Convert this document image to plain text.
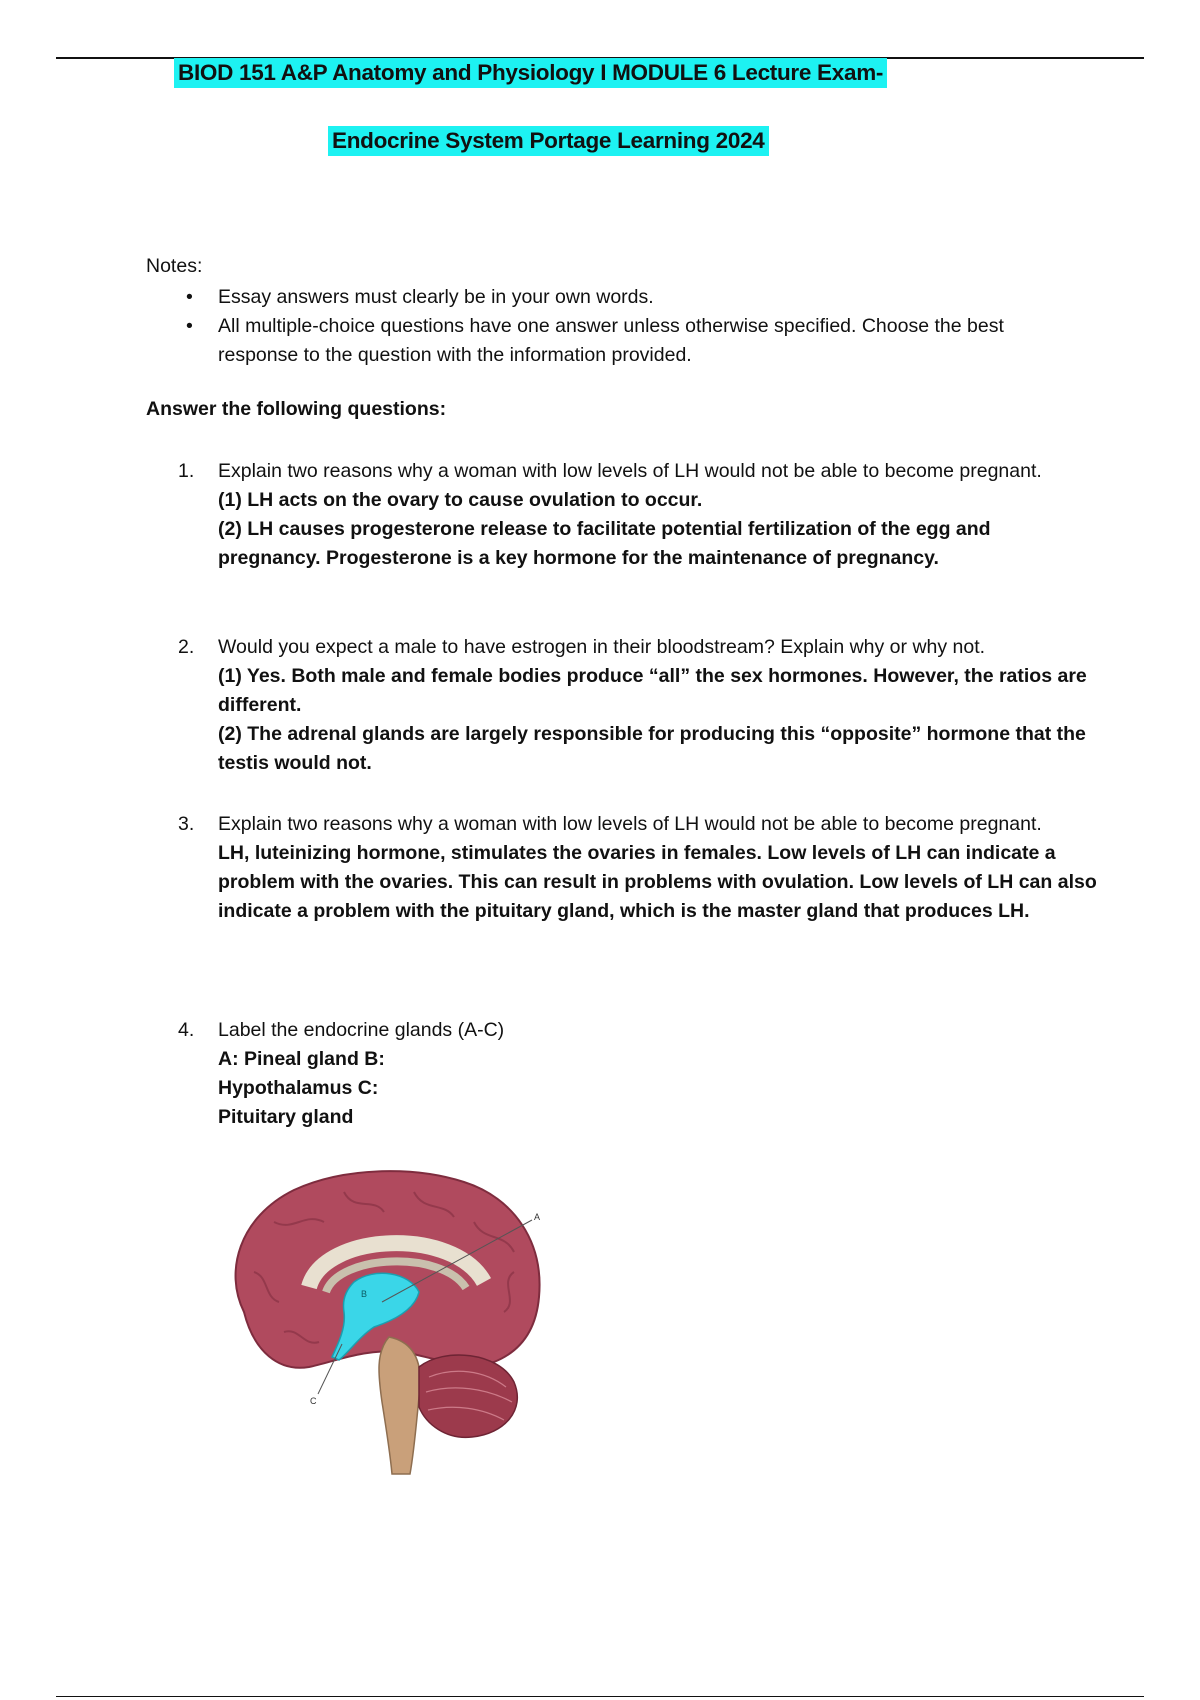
BIOD 151 A&P Anatomy and Physiology I MODULE 6 Lecture Exam-
Endocrine System Portage Learning 2024
Notes:
• Essay answers must clearly be in your own words.
• All multiple-choice questions have one answer unless otherwise specified. Choose the best response to the question with the information provided.
Answer the following questions:
1. Explain two reasons why a woman with low levels of LH would not be able to become pregnant.
(1) LH acts on the ovary to cause ovulation to occur.
(2) LH causes progesterone release to facilitate potential fertilization of the egg and pregnancy. Progesterone is a key hormone for the maintenance of pregnancy.
2. Would you expect a male to have estrogen in their bloodstream? Explain why or why not.
(1) Yes. Both male and female bodies produce “all” the sex hormones. However, the ratios are different.
(2) The adrenal glands are largely responsible for producing this “opposite” hormone that the testis would not.
3. Explain two reasons why a woman with low levels of LH would not be able to become pregnant.
LH, luteinizing hormone, stimulates the ovaries in females. Low levels of LH can indicate a problem with the ovaries. This can result in problems with ovulation. Low levels of LH can also indicate a problem with the pituitary gland, which is the master gland that produces LH.
4. Label the endocrine glands (A-C)
A: Pineal gland B:
Hypothalamus C:
Pituitary gland
A
B
C
